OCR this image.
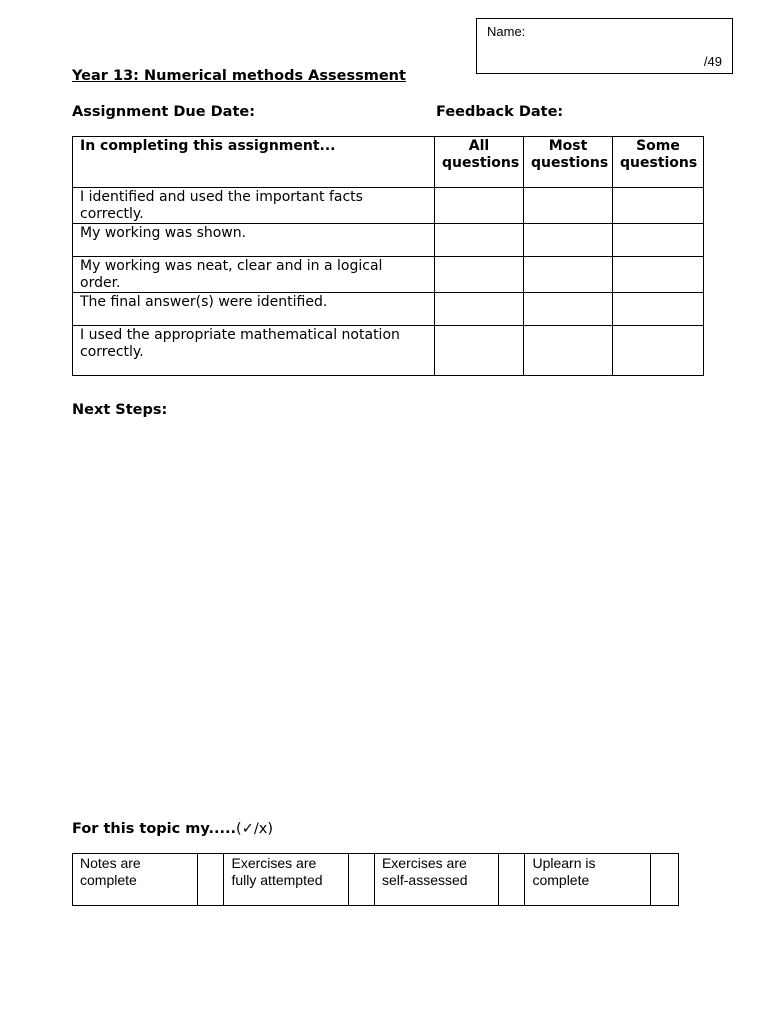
Name:
/49
Year 13: Numerical methods Assessment
Assignment Due Date:	Feedback Date:
In completing this assignment...	All questions	Most questions	Some questions
I identified and used the important facts correctly.			
My working was shown.			
My working was neat, clear and in a logical order.			
The final answer(s) were identified.			
I used the appropriate mathematical notation correctly.			
Next Steps:
For this topic my.....(✓/x)
Notes are complete		Exercises are fully attempted		Exercises are self-assessed		Uplearn is complete	
